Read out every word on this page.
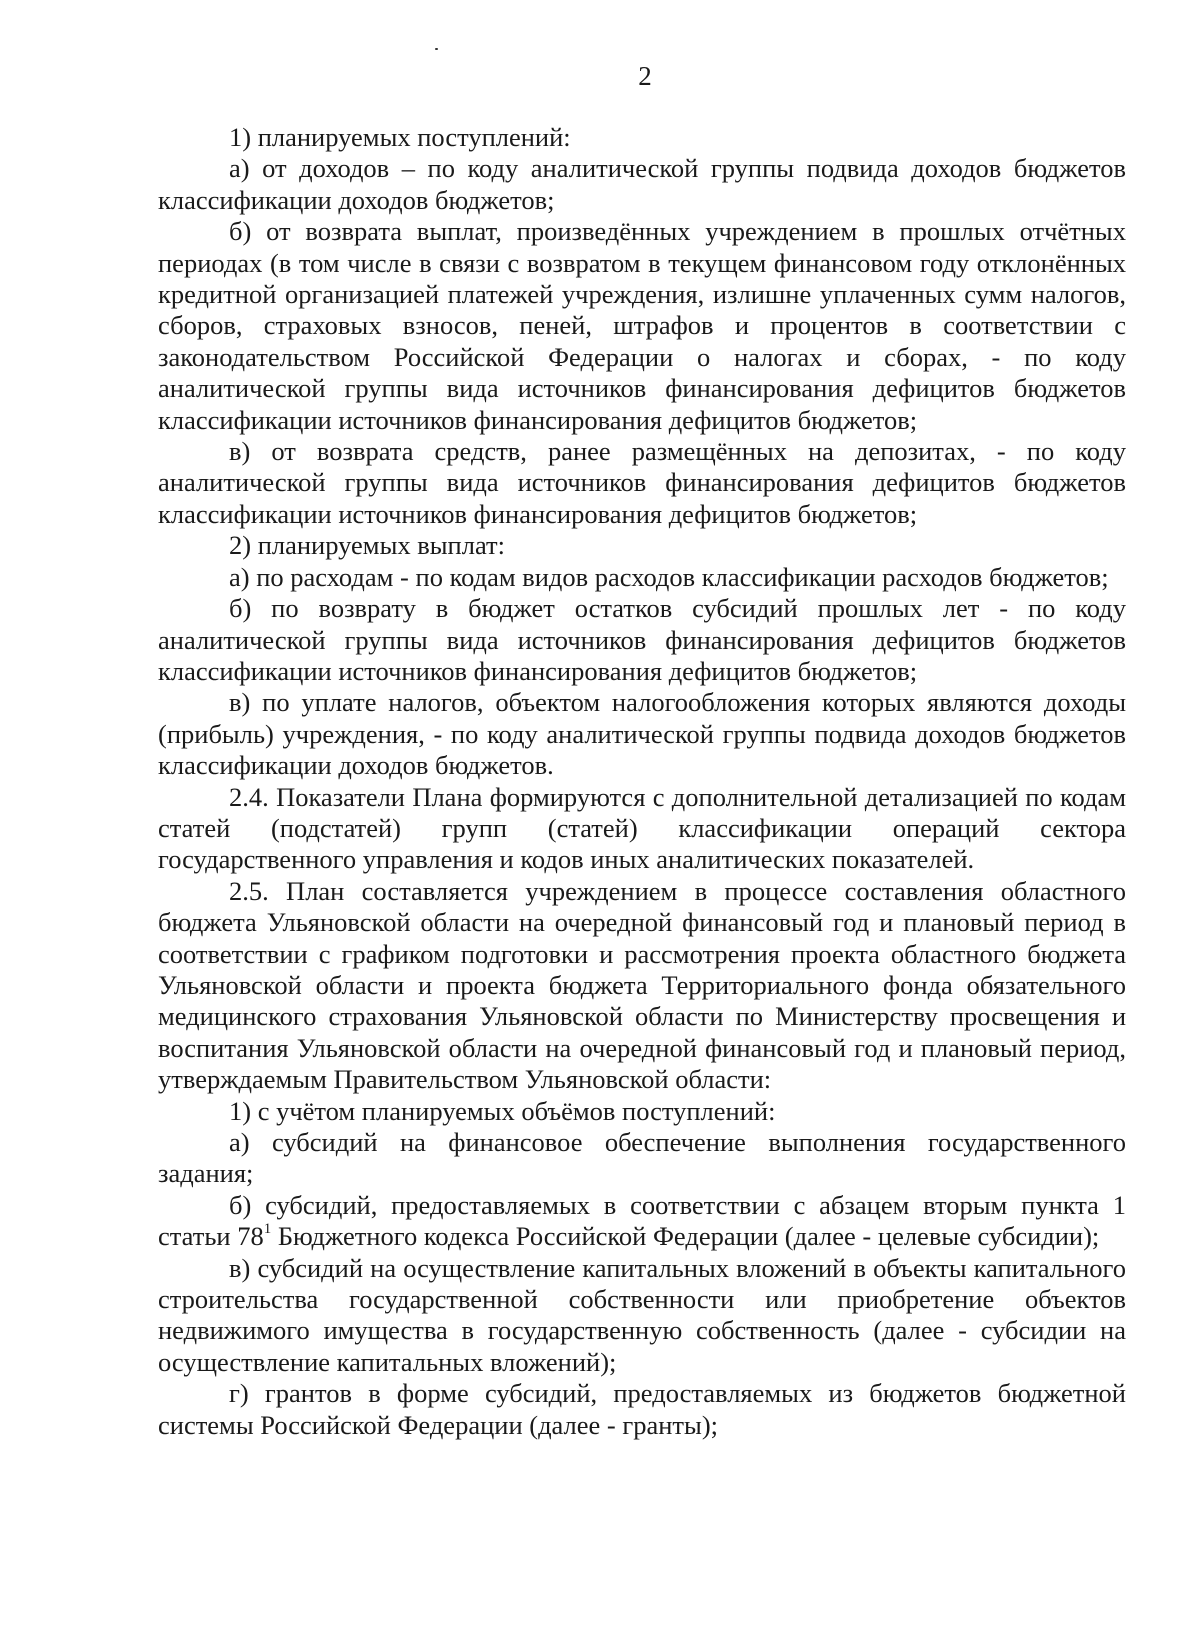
2

1) планируемых поступлений:

а) от доходов – по коду аналитической группы подвида доходов бюджетов классификации доходов бюджетов;

б) от возврата выплат, произведённых учреждением в прошлых отчётных периодах (в том числе в связи с возвратом в текущем финансовом году отклонённых кредитной организацией платежей учреждения, излишне уплаченных сумм налогов, сборов, страховых взносов, пеней, штрафов и процентов в соответствии с законодательством Российской Федерации о налогах и сборах, - по коду аналитической группы вида источников финансирования дефицитов бюджетов классификации источников финансирования дефицитов бюджетов;

в) от возврата средств, ранее размещённых на депозитах, - по коду аналитической группы вида источников финансирования дефицитов бюджетов классификации источников финансирования дефицитов бюджетов;

2) планируемых выплат:

а) по расходам - по кодам видов расходов классификации расходов бюджетов;

б) по возврату в бюджет остатков субсидий прошлых лет - по коду аналитической группы вида источников финансирования дефицитов бюджетов классификации источников финансирования дефицитов бюджетов;

в) по уплате налогов, объектом налогообложения которых являются доходы (прибыль) учреждения, - по коду аналитической группы подвида доходов бюджетов классификации доходов бюджетов.

2.4. Показатели Плана формируются с дополнительной детализацией по кодам статей (подстатей) групп (статей) классификации операций сектора государственного управления и кодов иных аналитических показателей.

2.5. План составляется учреждением в процессе составления областного бюджета Ульяновской области на очередной финансовый год и плановый период в соответствии с графиком подготовки и рассмотрения проекта областного бюджета Ульяновской области и проекта бюджета Территориального фонда обязательного медицинского страхования Ульяновской области по Министерству просвещения и воспитания Ульяновской области на очередной финансовый год и плановый период, утверждаемым Правительством Ульяновской области:

1) с учётом планируемых объёмов поступлений:

а) субсидий на финансовое обеспечение выполнения государственного задания;

б) субсидий, предоставляемых в соответствии с абзацем вторым пункта 1 статьи $78^1$ Бюджетного кодекса Российской Федерации (далее - целевые субсидии);

в) субсидий на осуществление капитальных вложений в объекты капитального строительства государственной собственности или приобретение объектов недвижимого имущества в государственную собственность (далее - субсидии на осуществление капитальных вложений);

г) грантов в форме субсидий, предоставляемых из бюджетов бюджетной системы Российской Федерации (далее - гранты);
